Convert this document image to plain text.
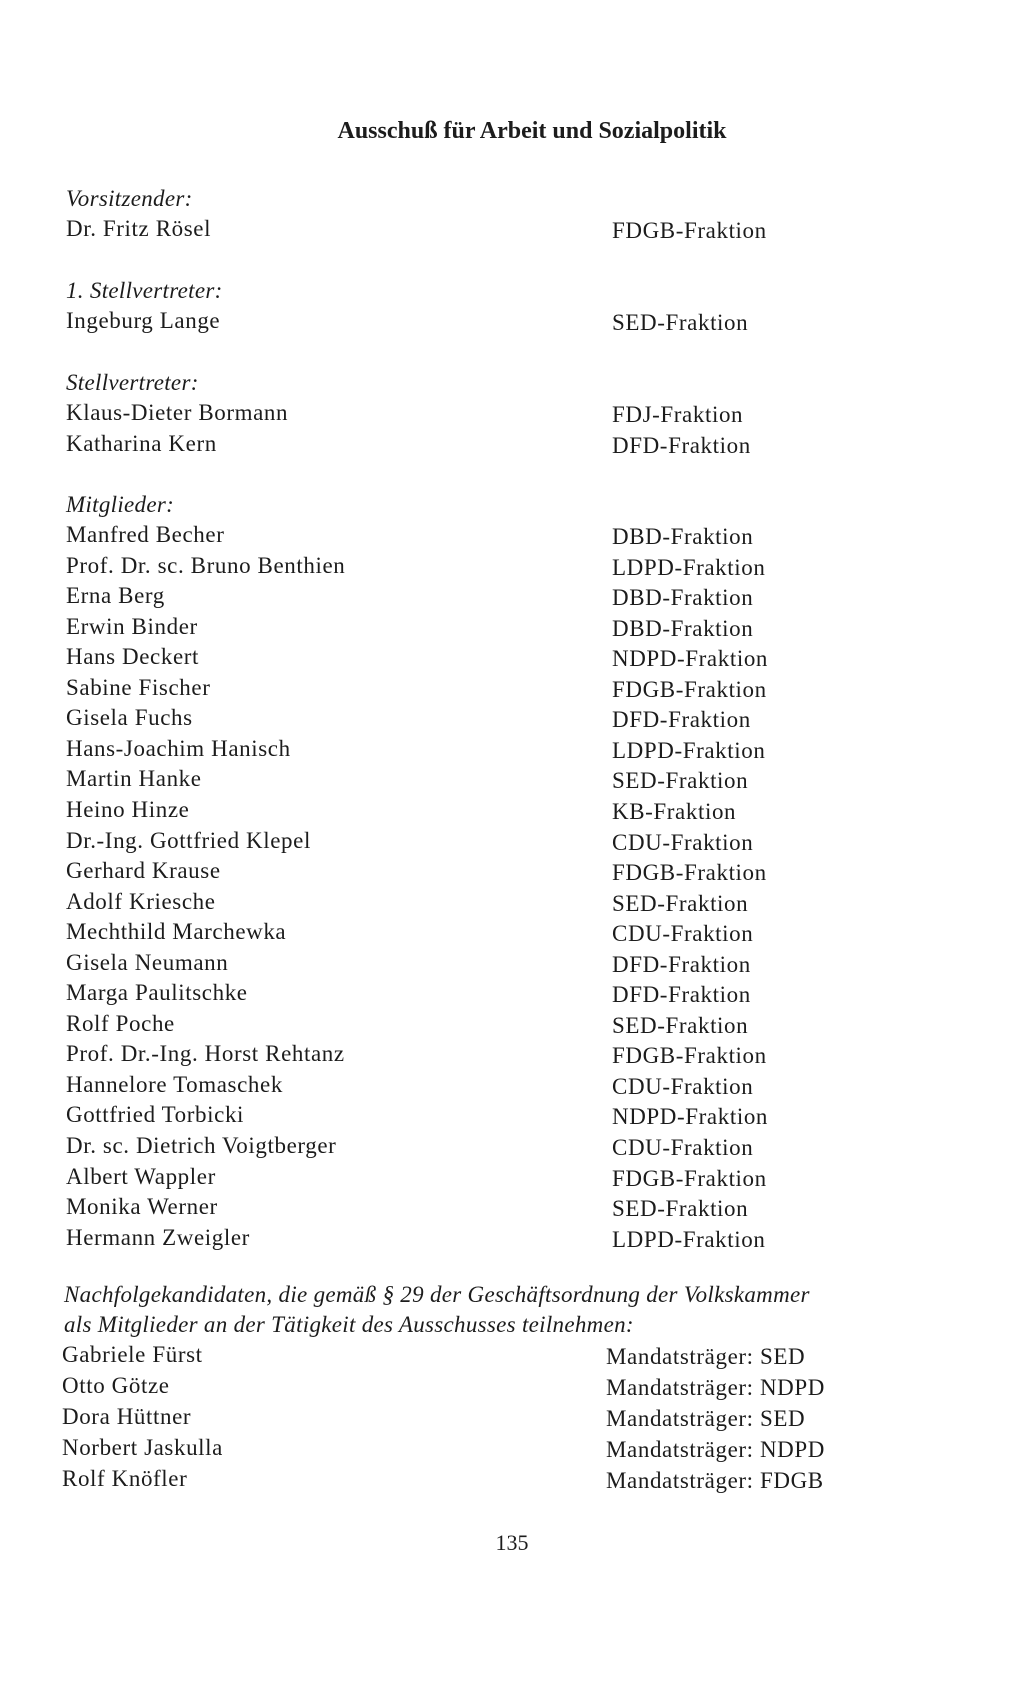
Ausschuß für Arbeit und Sozialpolitik
Vorsitzender:
Dr. Fritz Rösel	FDGB-Fraktion
1. Stellvertreter:
Ingeburg Lange	SED-Fraktion
Stellvertreter:
Klaus-Dieter Bormann	FDJ-Fraktion
Katharina Kern	DFD-Fraktion
Mitglieder:
Manfred Becher	DBD-Fraktion
Prof. Dr. sc. Bruno Benthien	LDPD-Fraktion
Erna Berg	DBD-Fraktion
Erwin Binder	DBD-Fraktion
Hans Deckert	NDPD-Fraktion
Sabine Fischer	FDGB-Fraktion
Gisela Fuchs	DFD-Fraktion
Hans-Joachim Hanisch	LDPD-Fraktion
Martin Hanke	SED-Fraktion
Heino Hinze	KB-Fraktion
Dr.-Ing. Gottfried Klepel	CDU-Fraktion
Gerhard Krause	FDGB-Fraktion
Adolf Kriesche	SED-Fraktion
Mechthild Marchewka	CDU-Fraktion
Gisela Neumann	DFD-Fraktion
Marga Paulitschke	DFD-Fraktion
Rolf Poche	SED-Fraktion
Prof. Dr.-Ing. Horst Rehtanz	FDGB-Fraktion
Hannelore Tomaschek	CDU-Fraktion
Gottfried Torbicki	NDPD-Fraktion
Dr. sc. Dietrich Voigtberger	CDU-Fraktion
Albert Wappler	FDGB-Fraktion
Monika Werner	SED-Fraktion
Hermann Zweigler	LDPD-Fraktion
Nachfolgekandidaten, die gemäß § 29 der Geschäftsordnung der Volkskammer
als Mitglieder an der Tätigkeit des Ausschusses teilnehmen:
Gabriele Fürst	Mandatsträger: SED
Otto Götze	Mandatsträger: NDPD
Dora Hüttner	Mandatsträger: SED
Norbert Jaskulla	Mandatsträger: NDPD
Rolf Knöfler	Mandatsträger: FDGB
135
